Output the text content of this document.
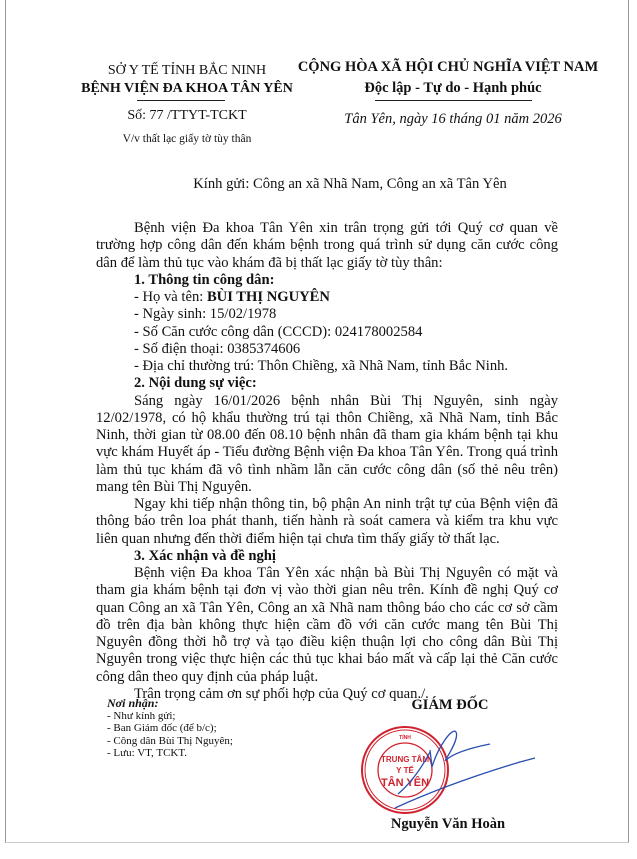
SỞ Y TẾ TỈNH BẮC NINH
BỆNH VIỆN ĐA KHOA TÂN YÊN
Số: 77 /TTYT-TCKT
V/v thất lạc giấy tờ tùy thân
CỘNG HÒA XÃ HỘI CHỦ NGHĨA VIỆT NAM
Độc lập - Tự do - Hạnh phúc
Tân Yên, ngày 16 tháng 01 năm 2026
Kính gửi: Công an xã Nhã Nam, Công an xã Tân Yên

Bệnh viện Đa khoa Tân Yên xin trân trọng gửi tới Quý cơ quan về trường hợp công dân đến khám bệnh trong quá trình sử dụng căn cước công dân để làm thủ tục vào khám đã bị thất lạc giấy tờ tùy thân:

1. Thông tin công dân:

- Họ và tên: BÙI THỊ NGUYÊN

- Ngày sinh: 15/02/1978

- Số Căn cước công dân (CCCD): 024178002584

- Số điện thoại: 0385374606

- Địa chỉ thường trú: Thôn Chiềng, xã Nhã Nam, tỉnh Bắc Ninh.

2. Nội dung sự việc:

Sáng ngày 16/01/2026 bệnh nhân Bùi Thị Nguyên, sinh ngày 12/02/1978, có hộ khẩu thường trú tại thôn Chiềng, xã Nhã Nam, tỉnh Bắc Ninh, thời gian từ 08.00 đến 08.10 bệnh nhân đã tham gia khám bệnh tại khu vực khám Huyết áp - Tiểu đường Bệnh viện Đa khoa Tân Yên. Trong quá trình làm thủ tục khám đã vô tình nhầm lẫn căn cước công dân (số thẻ nêu trên) mang tên Bùi Thị Nguyên.

Ngay khi tiếp nhận thông tin, bộ phận An ninh trật tự của Bệnh viện đã thông báo trên loa phát thanh, tiến hành rà soát camera và kiểm tra khu vực liên quan nhưng đến thời điểm hiện tại chưa tìm thấy giấy tờ thất lạc.

3. Xác nhận và đề nghị

Bệnh viện Đa khoa Tân Yên xác nhận bà Bùi Thị Nguyên có mặt và tham gia khám bệnh tại đơn vị vào thời gian nêu trên. Kính đề nghị Quý cơ quan Công an xã Tân Yên, Công an xã Nhã nam thông báo cho các cơ sở cầm đồ trên địa bàn không thực hiện cầm đồ với căn cước mang tên Bùi Thị Nguyên đồng thời hỗ trợ và tạo điều kiện thuận lợi cho công dân Bùi Thị Nguyên trong việc thực hiện các thủ tục khai báo mất và cấp lại thẻ Căn cước công dân theo quy định của pháp luật.

Trân trọng cảm ơn sự phối hợp của Quý cơ quan./.

Nơi nhận:
- Như kính gửi;
- Ban Giám đốc (để b/c);
- Công dân Bùi Thị Nguyên;
- Lưu: VT, TCKT.
GIÁM ĐỐC
TRUNG TÂM
Y TẾ
TÂN YÊN
TỈNH
Nguyễn Văn Hoàn
